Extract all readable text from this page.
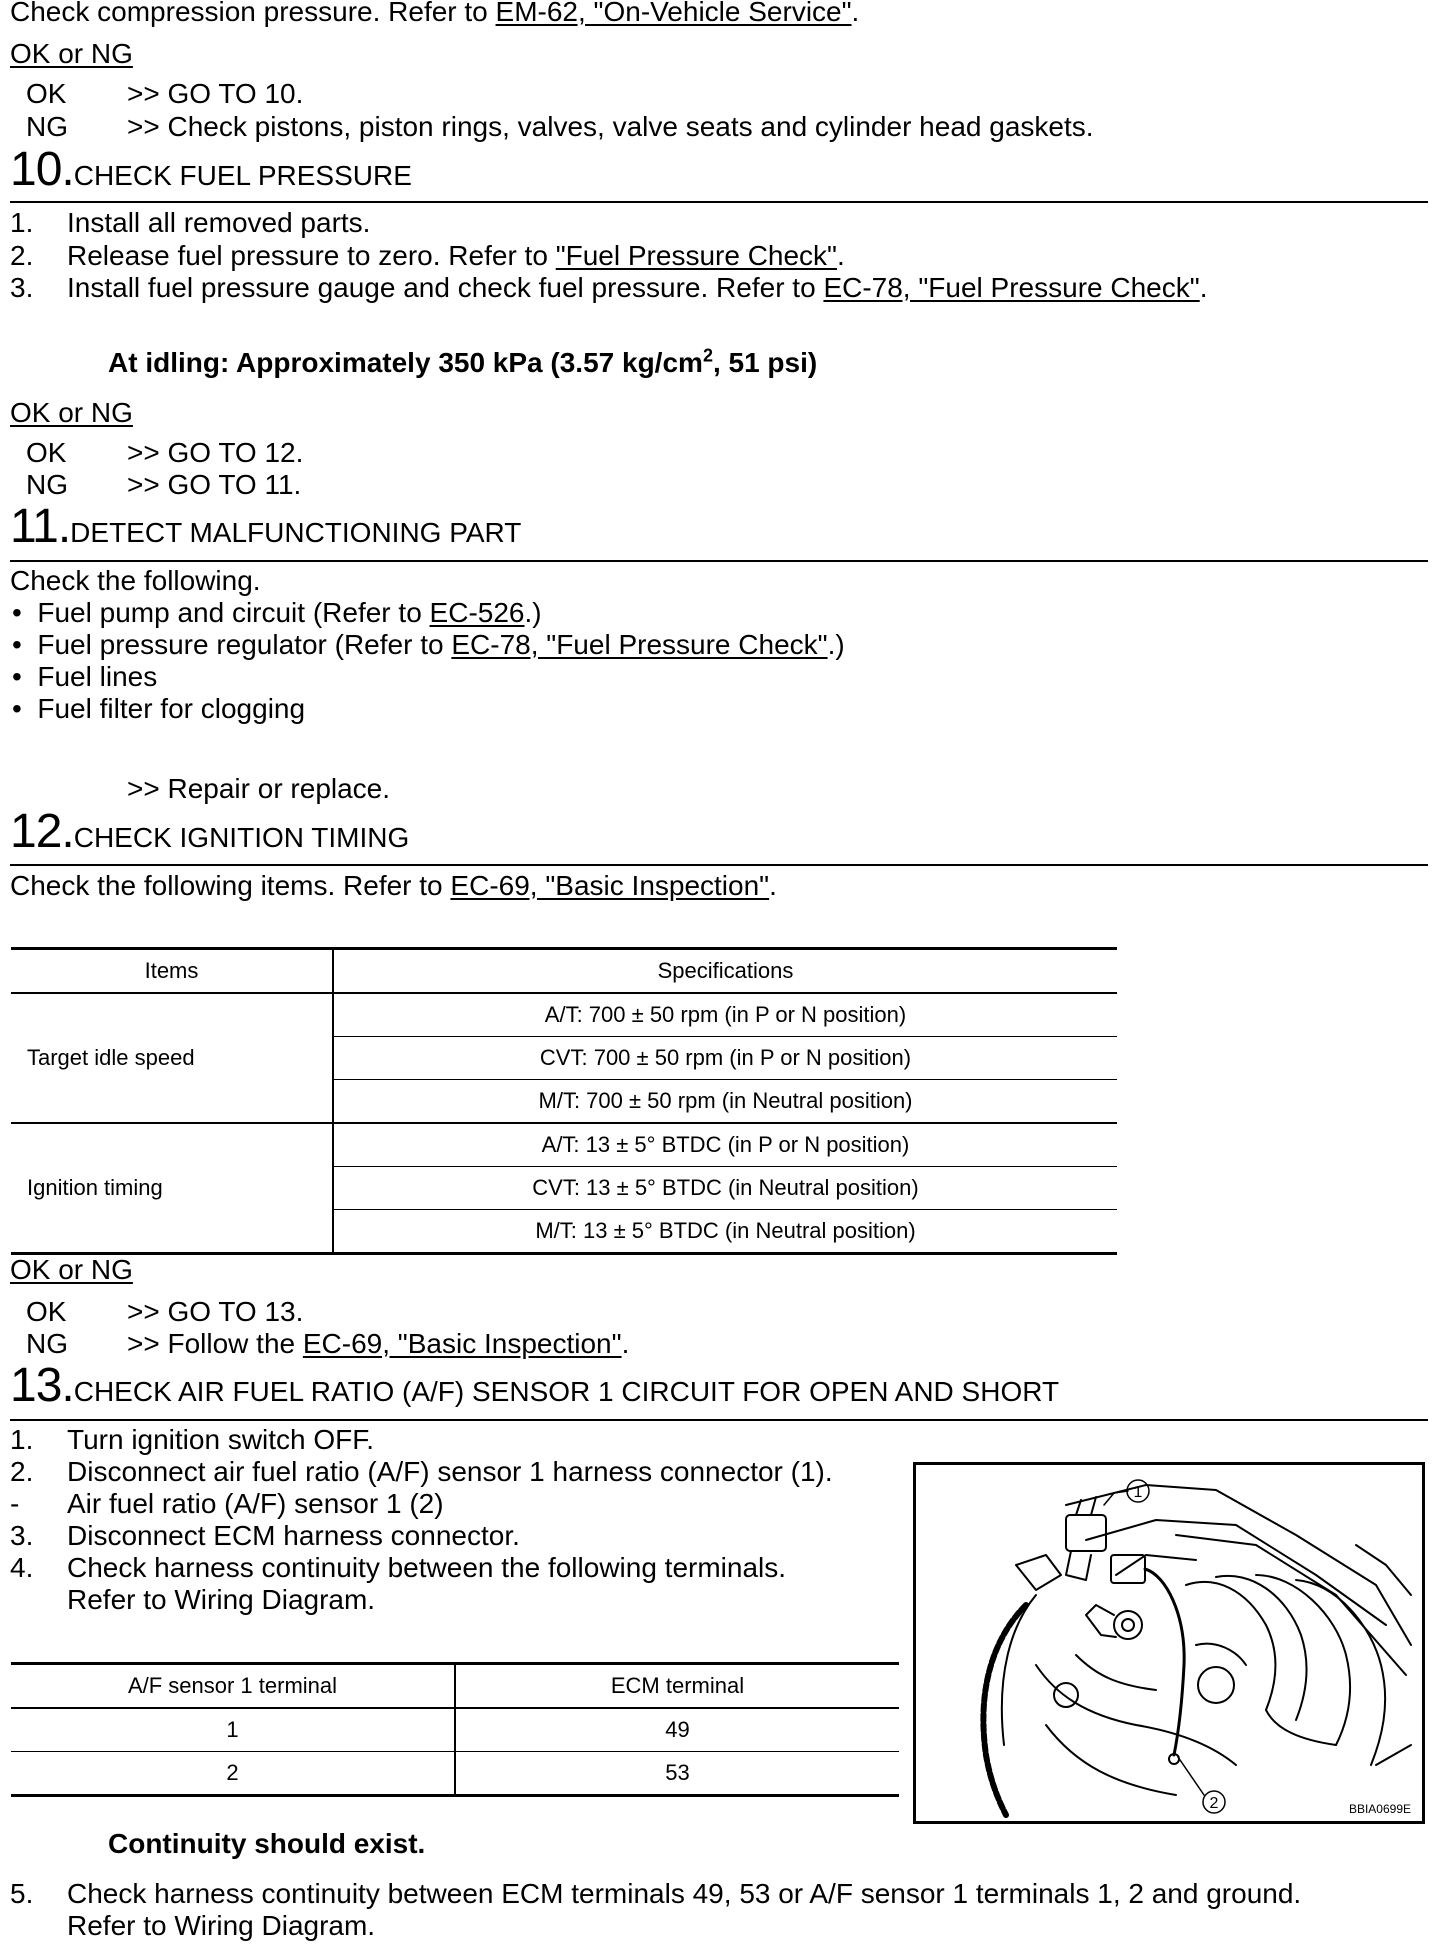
Check compression pressure. Refer to EM-62, "On-Vehicle Service".
OK or NG
OK >> GO TO 10.
NG >> Check pistons, piston rings, valves, valve seats and cylinder head gaskets.
10.CHECK FUEL PRESSURE
1. Install all removed parts.
2. Release fuel pressure to zero. Refer to "Fuel Pressure Check".
3. Install fuel pressure gauge and check fuel pressure. Refer to EC-78, "Fuel Pressure Check".
At idling: Approximately 350 kPa (3.57 $kg/cm^2$, 51 psi)
OK or NG
OK >> GO TO 12.
NG >> GO TO 11.
11.DETECT MALFUNCTIONING PART
Check the following.
•  Fuel pump and circuit (Refer to EC-526.)
•  Fuel pressure regulator (Refer to EC-78, "Fuel Pressure Check".)
•  Fuel lines
•  Fuel filter for clogging
>> Repair or replace.
12.CHECK IGNITION TIMING
Check the following items. Refer to EC-69, "Basic Inspection".
Items	Specifications
Target idle speed	A/T: 700 ± 50 rpm (in P or N position)
	CVT: 700 ± 50 rpm (in P or N position)
	M/T: 700 ± 50 rpm (in Neutral position)
Ignition timing	A/T: 13 ± 5° BTDC (in P or N position)
	CVT: 13 ± 5° BTDC (in Neutral position)
	M/T: 13 ± 5° BTDC (in Neutral position)
OK or NG
OK >> GO TO 13.
NG >> Follow the EC-69, "Basic Inspection".
13.CHECK AIR FUEL RATIO (A/F) SENSOR 1 CIRCUIT FOR OPEN AND SHORT
1. Turn ignition switch OFF.
2. Disconnect air fuel ratio (A/F) sensor 1 harness connector (1).
- Air fuel ratio (A/F) sensor 1 (2)
3. Disconnect ECM harness connector.
4. Check harness continuity between the following terminals.
Refer to Wiring Diagram.
A/F sensor 1 terminal	ECM terminal
1	49
2	53
Continuity should exist.
5. Check harness continuity between ECM terminals 49, 53 or A/F sensor 1 terminals 1, 2 and ground.
Refer to Wiring Diagram.
1
2	BBIA0699E
